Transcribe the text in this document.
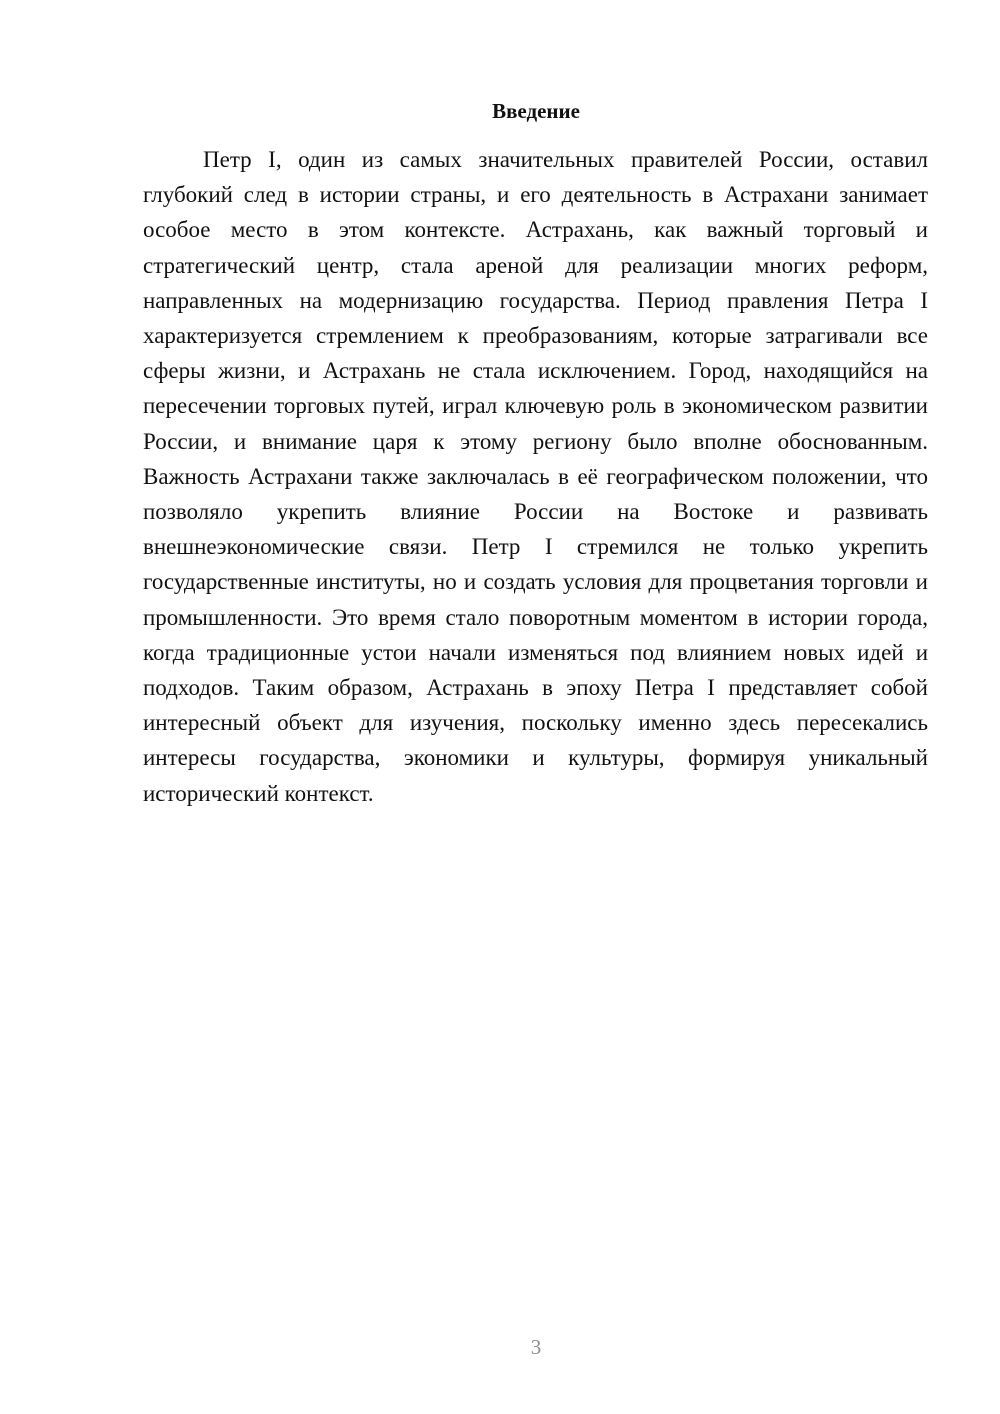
Введение

Петр I, один из самых значительных правителей России, оставил глубокий след в истории страны, и его деятельность в Астрахани занимает особое место в этом контексте. Астрахань, как важный торговый и стратегический центр, стала ареной для реализации многих реформ, направленных на модернизацию государства. Период правления Петра I характеризуется стремлением к преобразованиям, которые затрагивали все сферы жизни, и Астрахань не стала исключением. Город, находящийся на пересечении торговых путей, играл ключевую роль в экономическом развитии России, и внимание царя к этому региону было вполне обоснованным. Важность Астрахани также заключалась в её географическом положении, что позволяло укрепить влияние России на Востоке и развивать внешнеэкономические связи. Петр I стремился не только укрепить государственные институты, но и создать условия для процветания торговли и промышленности. Это время стало поворотным моментом в истории города, когда традиционные устои начали изменяться под влиянием новых идей и подходов. Таким образом, Астрахань в эпоху Петра I представляет собой интересный объект для изучения, поскольку именно здесь пересекались интересы государства, экономики и культуры, формируя уникальный исторический контекст.

3
